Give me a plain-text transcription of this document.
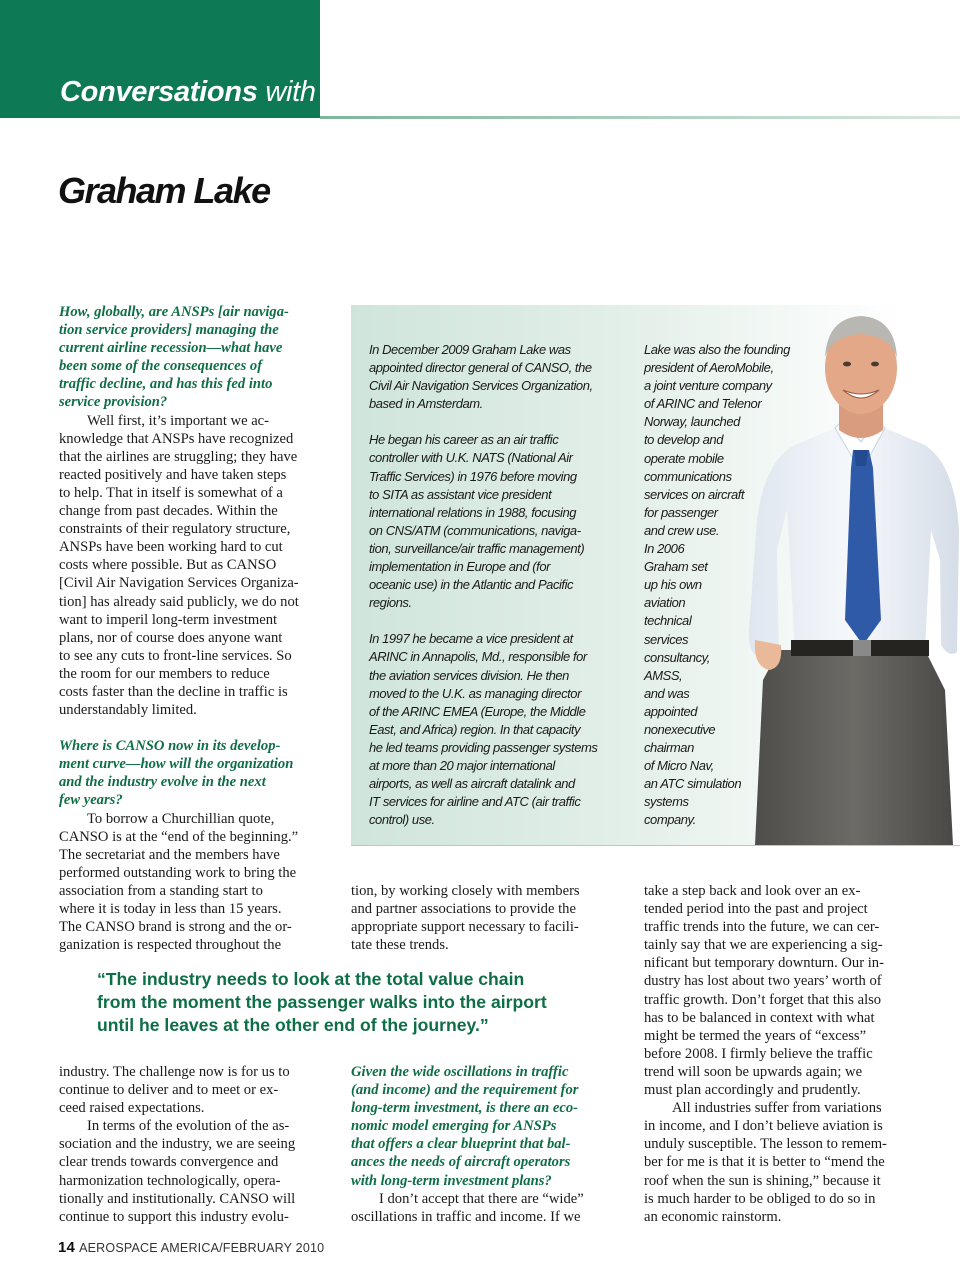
Conversations with
Graham Lake

How, globally, are ANSPs [air naviga-
tion service providers] managing the
current airline recession—what have
been some of the consequences of
traffic decline, and has this fed into
service provision?

Well first, it’s important we ac-
knowledge that ANSPs have recognized
that the airlines are struggling; they have
reacted positively and have taken steps
to help. That in itself is somewhat of a
change from past decades. Within the
constraints of their regulatory structure,
ANSPs have been working hard to cut
costs where possible. But as CANSO
[Civil Air Navigation Services Organiza-
tion] has already said publicly, we do not
want to imperil long-term investment
plans, nor of course does anyone want
to see any cuts to front-line services. So
the room for our members to reduce
costs faster than the decline in traffic is
understandably limited.

Where is CANSO now in its develop-
ment curve—how will the organization
and the industry evolve in the next
few years?

To borrow a Churchillian quote,
CANSO is at the “end of the beginning.”
The secretariat and the members have
performed outstanding work to bring the
association from a standing start to
where it is today in less than 15 years.
The CANSO brand is strong and the or-
ganization is respected throughout the

In December 2009 Graham Lake was
appointed director general of CANSO, the
Civil Air Navigation Services Organization,
based in Amsterdam.

He began his career as an air traffic
controller with U.K. NATS (National Air
Traffic Services) in 1976 before moving
to SITA as assistant vice president
international relations in 1988, focusing
on CNS/ATM (communications, naviga-
tion, surveillance/air traffic management)
implementation in Europe and (for
oceanic use) in the Atlantic and Pacific
regions.

In 1997 he became a vice president at
ARINC in Annapolis, Md., responsible for
the aviation services division. He then
moved to the U.K. as managing director
of the ARINC EMEA (Europe, the Middle
East, and Africa) region. In that capacity
he led teams providing passenger systems
at more than 20 major international
airports, as well as aircraft datalink and
IT services for airline and ATC (air traffic
control) use.

Lake was also the founding
president of AeroMobile,
a joint venture company
of ARINC and Telenor
Norway, launched
to develop and
operate mobile
communications
services on aircraft
for passenger
and crew use.
In 2006
Graham set
up his own
aviation
technical
services
consultancy,
AMSS,
and was
appointed
nonexecutive
chairman
of Micro Nav,
an ATC simulation
systems
company.

tion, by working closely with members
and partner associations to provide the
appropriate support necessary to facili-
tate these trends.

take a step back and look over an ex-
tended period into the past and project
traffic trends into the future, we can cer-
tainly say that we are experiencing a sig-
nificant but temporary downturn. Our in-
dustry has lost about two years’ worth of
traffic growth. Don’t forget that this also
has to be balanced in context with what
might be termed the years of “excess”
before 2008. I firmly believe the traffic
trend will soon be upwards again; we
must plan accordingly and prudently.

All industries suffer from variations
in income, and I don’t believe aviation is
unduly susceptible. The lesson to remem-
ber for me is that it is better to “mend the
roof when the sun is shining,” because it
is much harder to be obliged to do so in
an economic rainstorm.

“The industry needs to look at the total value chain
from the moment the passenger walks into the airport
until he leaves at the other end of the journey.”

industry. The challenge now is for us to
continue to deliver and to meet or ex-
ceed raised expectations.

In terms of the evolution of the as-
sociation and the industry, we are seeing
clear trends towards convergence and
harmonization technologically, opera-
tionally and institutionally. CANSO will
continue to support this industry evolu-

Given the wide oscillations in traffic
(and income) and the requirement for
long-term investment, is there an eco-
nomic model emerging for ANSPs
that offers a clear blueprint that bal-
ances the needs of aircraft operators
with long-term investment plans?

I don’t accept that there are “wide”
oscillations in traffic and income. If we

14 AEROSPACE AMERICA/FEBRUARY 2010
